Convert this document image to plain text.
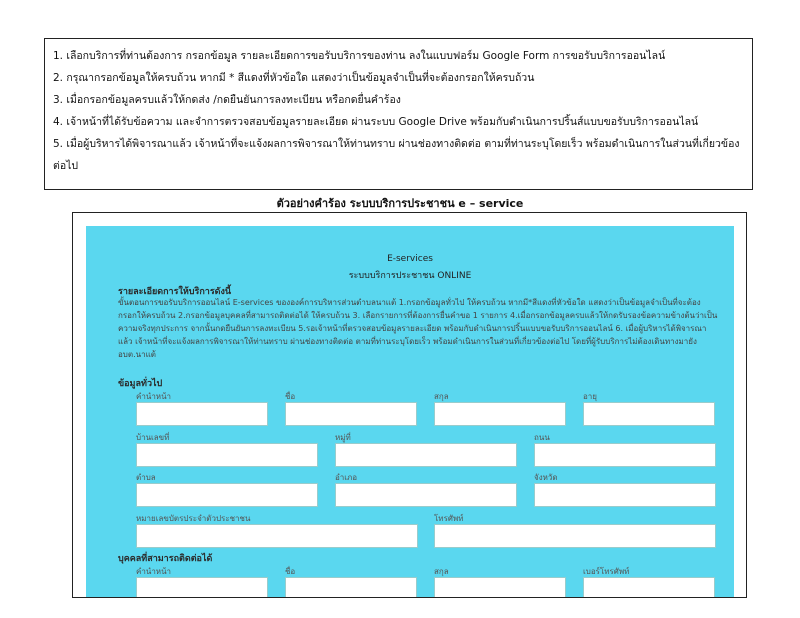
1. เลือกบริการที่ท่านต้องการ กรอกข้อมูล รายละเอียดการขอรับบริการของท่าน ลงในแบบฟอร์ม Google Form การขอรับบริการออนไลน์
2. กรุณากรอกข้อมูลให้ครบถ้วน หากมี * สีแดงที่หัวข้อใด แสดงว่าเป็นข้อมูลจำเป็นที่จะต้องกรอกให้ครบถ้วน
3. เมื่อกรอกข้อมูลครบแล้วให้กดส่ง /กดยืนยันการลงทะเบียน หรือกดยื่นคำร้อง
4. เจ้าหน้าที่ได้รับข้อความ และจำการตรวจสอบข้อมูลรายละเอียด ผ่านระบบ Google Drive พร้อมกับดำเนินการปริ้นส์แบบขอรับบริการออนไลน์
5. เมื่อผู้บริหารได้พิจารณาแล้ว เจ้าหน้าที่จะแจ้งผลการพิจารณาให้ท่านทราบ ผ่านช่องทางติดต่อ ตามที่ท่านระบุโดยเร็ว พร้อมดำเนินการในส่วนที่เกี่ยวข้องต่อไป
ตัวอย่างคำร้อง ระบบบริการประชาชน e – service
E-services
ระบบบริการประชาชน ONLINE
รายละเอียดการให้บริการดังนี้
ขั้นตอนการขอรับบริการออนไลน์ E-services ขององค์การบริหารส่วนตำบลนาแต้ 1.กรอกข้อมูลทั่วไป ให้ครบถ้วน หากมี*สีแดงที่หัวข้อใด แสดงว่าเป็นข้อมูลจำเป็นที่จะต้องกรอกให้ครบถ้วน 2.กรอกข้อมูลบุคคลที่สามารถติดต่อได้ ให้ครบถ้วน 3. เลือกรายการที่ต้องการยื่นคำขอ 1 รายการ 4.เมื่อกรอกข้อมูลครบแล้วให้กดรับรองข้อความข้างต้นว่าเป็นความจริงทุกประการ จากนั้นกดยืนยันการลงทะเบียน 5.รอเจ้าหน้าที่ตรวจสอบข้อมูลรายละเอียด พร้อมกับดำเนินการปริ้นแบบขอรับบริการออนไลน์ 6. เมื่อผู้บริหารได้พิจารณาแล้ว เจ้าหน้าที่จะแจ้งผลการพิจารณาให้ท่านทราบ ผ่านช่องทางติดต่อ ตามที่ท่านระบุโดยเร็ว พร้อมดำเนินการในส่วนที่เกี่ยวข้องต่อไป โดยที่ผู้รับบริการไม่ต้องเดินทางมายัง อบต.นาแต้
ข้อมูลทั่วไป
คำนำหน้า	ชื่อ	สกุล	อายุ
บ้านเลขที่	หมู่ที่	ถนน
ตำบล	อำเภอ	จังหวัด
หมายเลขบัตรประจำตัวประชาชน	โทรศัพท์
บุคคลที่สามารถติดต่อได้
คำนำหน้า	ชื่อ	สกุล	เบอร์โทรศัพท์
